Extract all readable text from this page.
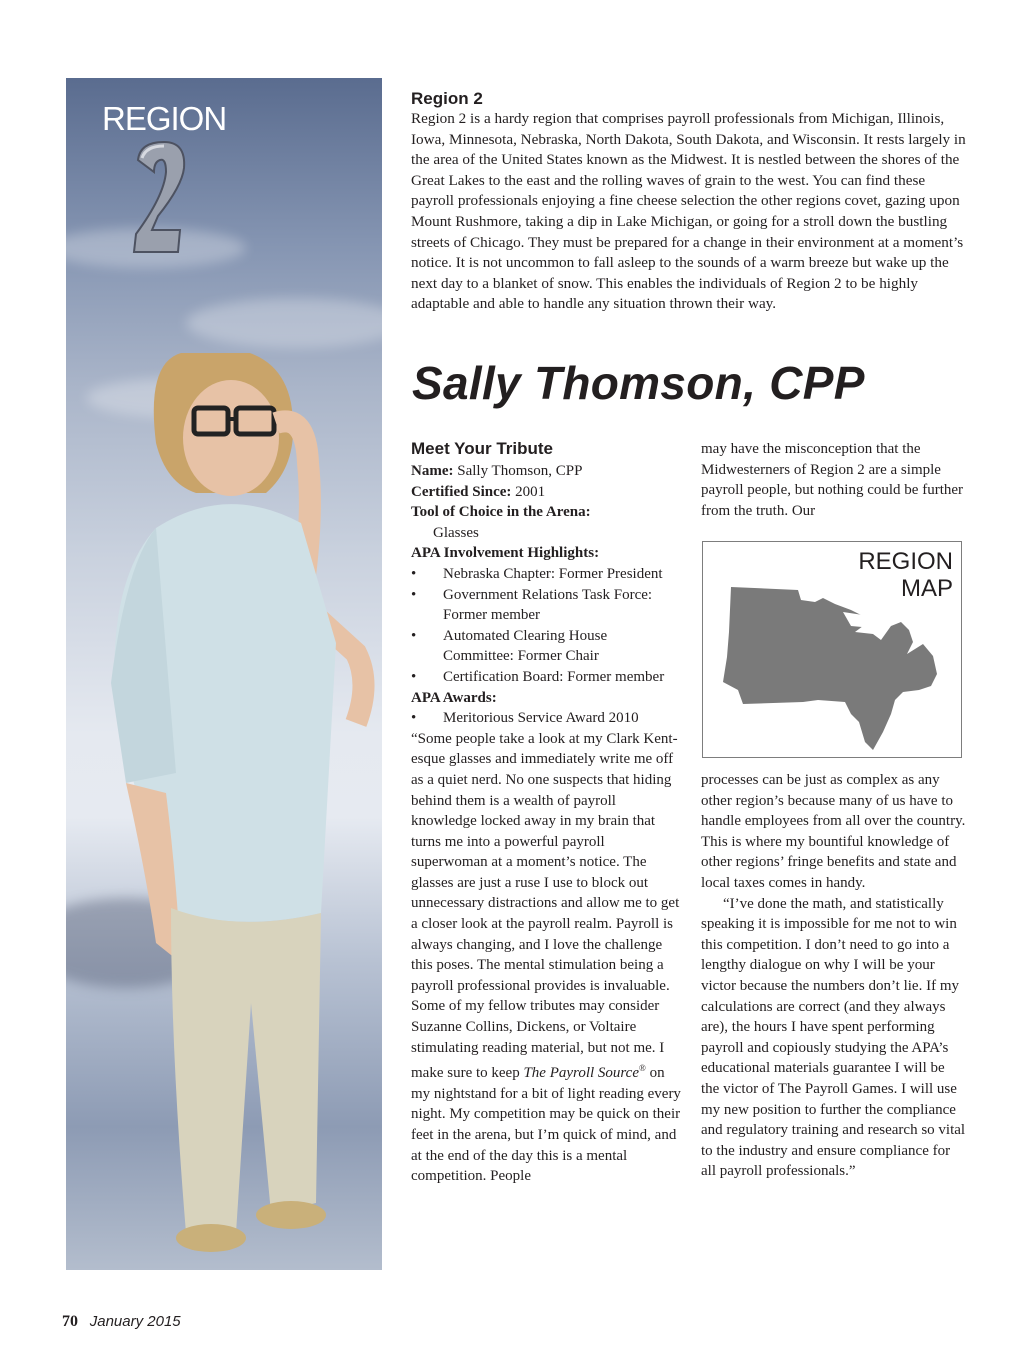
REGION
Region 2

Region 2 is a hardy region that comprises payroll professionals from Michigan, Illinois, Iowa, Minnesota, Nebraska, North Dakota, South Dakota, and Wisconsin. It rests largely in the area of the United States known as the Midwest. It is nestled between the shores of the Great Lakes to the east and the rolling waves of grain to the west. You can find these payroll professionals enjoying a fine cheese selection the other regions covet, gazing upon Mount Rushmore, taking a dip in Lake Michigan, or going for a stroll down the bustling streets of Chicago. They must be prepared for a change in their environment at a moment’s notice. It is not uncommon to fall asleep to the sounds of a warm breeze but wake up the next day to a blanket of snow. This enables the individuals of Region 2 to be highly adaptable and able to handle any situation thrown their way.

Sally Thomson, CPP
Meet Your Tribute
Name: Sally Thomson, CPP
Certified Since: 2001
Tool of Choice in the Arena:
Glasses
APA Involvement Highlights:
•	Nebraska Chapter: Former President
•	Government Relations Task Force: Former member
•	Automated Clearing House Committee: Former Chair
•	Certification Board: Former member
APA Awards:
•	Meritorious Service Award 2010

“Some people take a look at my Clark Kent-esque glasses and immediately write me off as a quiet nerd. No one suspects that hiding behind them is a wealth of payroll knowledge locked away in my brain that turns me into a powerful payroll superwoman at a moment’s notice. The glasses are just a ruse I use to block out unnecessary distractions and allow me to get a closer look at the payroll realm. Payroll is always changing, and I love the challenge this poses. The mental stimulation being a payroll professional provides is invaluable. Some of my fellow tributes may consider Suzanne Collins, Dickens, or Voltaire stimulating reading material, but not me. I make sure to keep The Payroll Source® on my nightstand for a bit of light reading every night. My competition may be quick on their feet in the arena, but I’m quick of mind, and at the end of the day this is a mental competition. People

may have the misconception that the Midwesterners of Region 2 are a simple payroll people, but nothing could be further from the truth. Our

REGION
MAP

processes can be just as complex as any other region’s because many of us have to handle employees from all over the country. This is where my bountiful knowledge of other regions’ fringe benefits and state and local taxes comes in handy.

“I’ve done the math, and statistically speaking it is impossible for me not to win this competition. I don’t need to go into a lengthy dialogue on why I will be your victor because the numbers don’t lie. If my calculations are correct (and they always are), the hours I have spent performing payroll and copiously studying the APA’s educational materials guarantee I will be the victor of The Payroll Games. I will use my new position to further the compliance and regulatory training and research so vital to the industry and ensure compliance for all payroll professionals.”

70 January 2015
